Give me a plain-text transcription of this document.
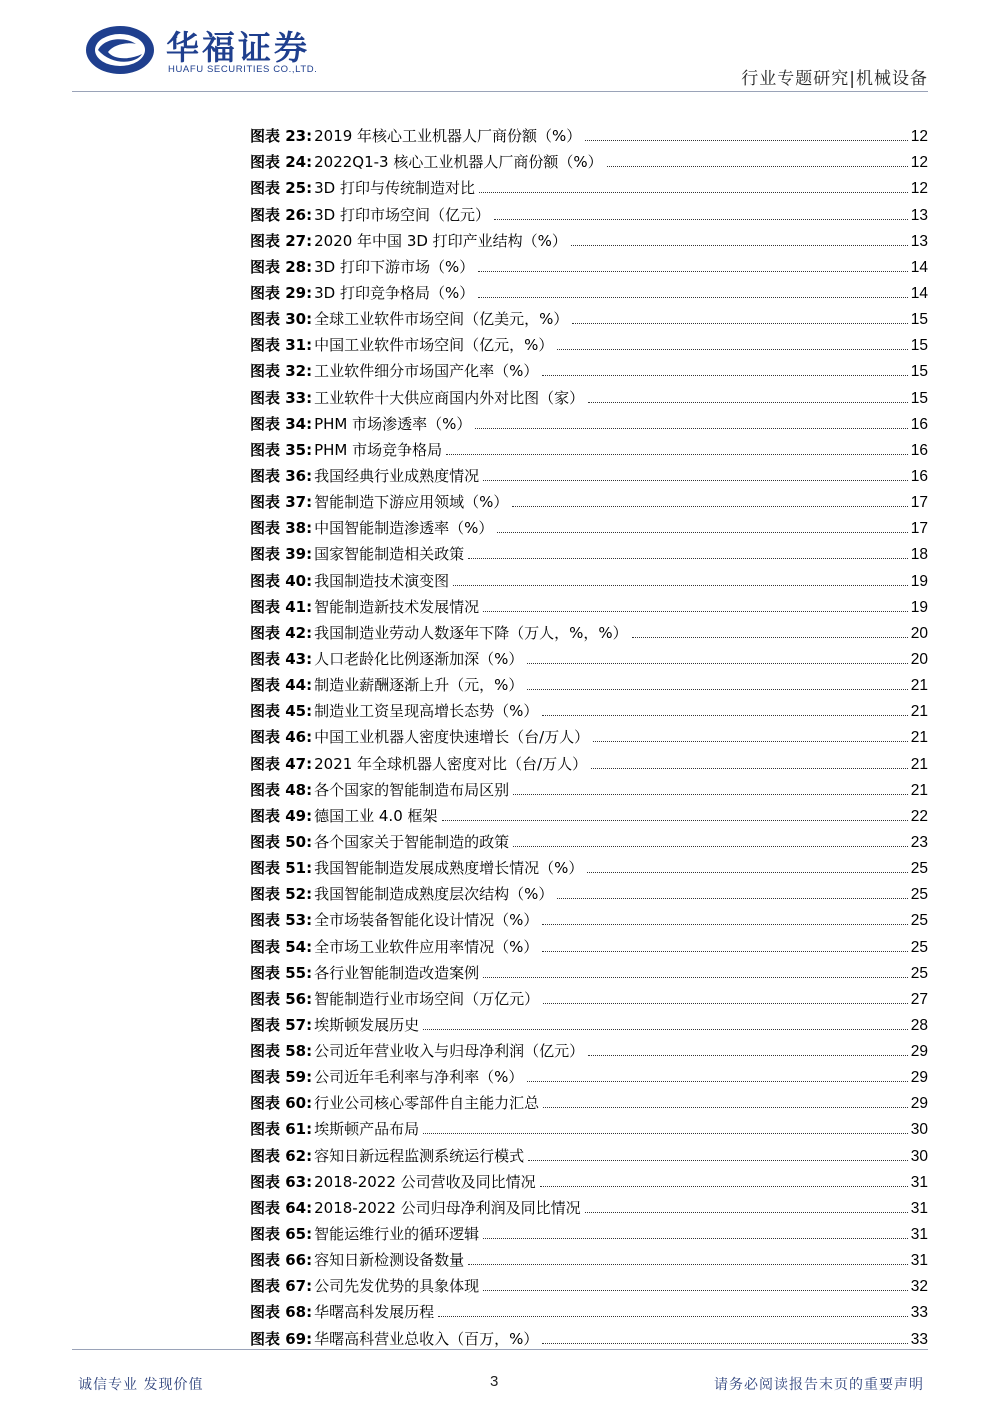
华福证券
HUAFU SECURITIES CO.,LTD.	行业专题研究|机械设备
图表 23: 2019 年核心工业机器人厂商份额（%）	12
图表 24: 2022Q1-3 核心工业机器人厂商份额（%）	12
图表 25: 3D 打印与传统制造对比	12
图表 26: 3D 打印市场空间（亿元）	13
图表 27: 2020 年中国 3D 打印产业结构（%）	13
图表 28: 3D 打印下游市场（%）	14
图表 29: 3D 打印竞争格局（%）	14
图表 30: 全球工业软件市场空间（亿美元，%）	15
图表 31: 中国工业软件市场空间（亿元，%）	15
图表 32: 工业软件细分市场国产化率（%）	15
图表 33: 工业软件十大供应商国内外对比图（家）	15
图表 34: PHM 市场渗透率（%）	16
图表 35: PHM 市场竞争格局	16
图表 36: 我国经典行业成熟度情况	16
图表 37: 智能制造下游应用领域（%）	17
图表 38: 中国智能制造渗透率（%）	17
图表 39: 国家智能制造相关政策	18
图表 40: 我国制造技术演变图	19
图表 41: 智能制造新技术发展情况	19
图表 42: 我国制造业劳动人数逐年下降（万人，%，%）	20
图表 43: 人口老龄化比例逐渐加深（%）	20
图表 44: 制造业薪酬逐渐上升（元，%）	21
图表 45: 制造业工资呈现高增长态势（%）	21
图表 46: 中国工业机器人密度快速增长（台/万人）	21
图表 47: 2021 年全球机器人密度对比（台/万人）	21
图表 48: 各个国家的智能制造布局区别	21
图表 49: 德国工业 4.0 框架	22
图表 50: 各个国家关于智能制造的政策	23
图表 51: 我国智能制造发展成熟度增长情况（%）	25
图表 52: 我国智能制造成熟度层次结构（%）	25
图表 53: 全市场装备智能化设计情况（%）	25
图表 54: 全市场工业软件应用率情况（%）	25
图表 55: 各行业智能制造改造案例	25
图表 56: 智能制造行业市场空间（万亿元）	27
图表 57: 埃斯顿发展历史	28
图表 58: 公司近年营业收入与归母净利润（亿元）	29
图表 59: 公司近年毛利率与净利率（%）	29
图表 60: 行业公司核心零部件自主能力汇总	29
图表 61: 埃斯顿产品布局	30
图表 62: 容知日新远程监测系统运行模式	30
图表 63: 2018-2022 公司营收及同比情况	31
图表 64: 2018-2022 公司归母净利润及同比情况	31
图表 65: 智能运维行业的循环逻辑	31
图表 66: 容知日新检测设备数量	31
图表 67: 公司先发优势的具象体现	32
图表 68: 华曙高科发展历程	33
图表 69: 华曙高科营业总收入（百万，%）	33
诚信专业 发现价值	3	请务必阅读报告末页的重要声明
